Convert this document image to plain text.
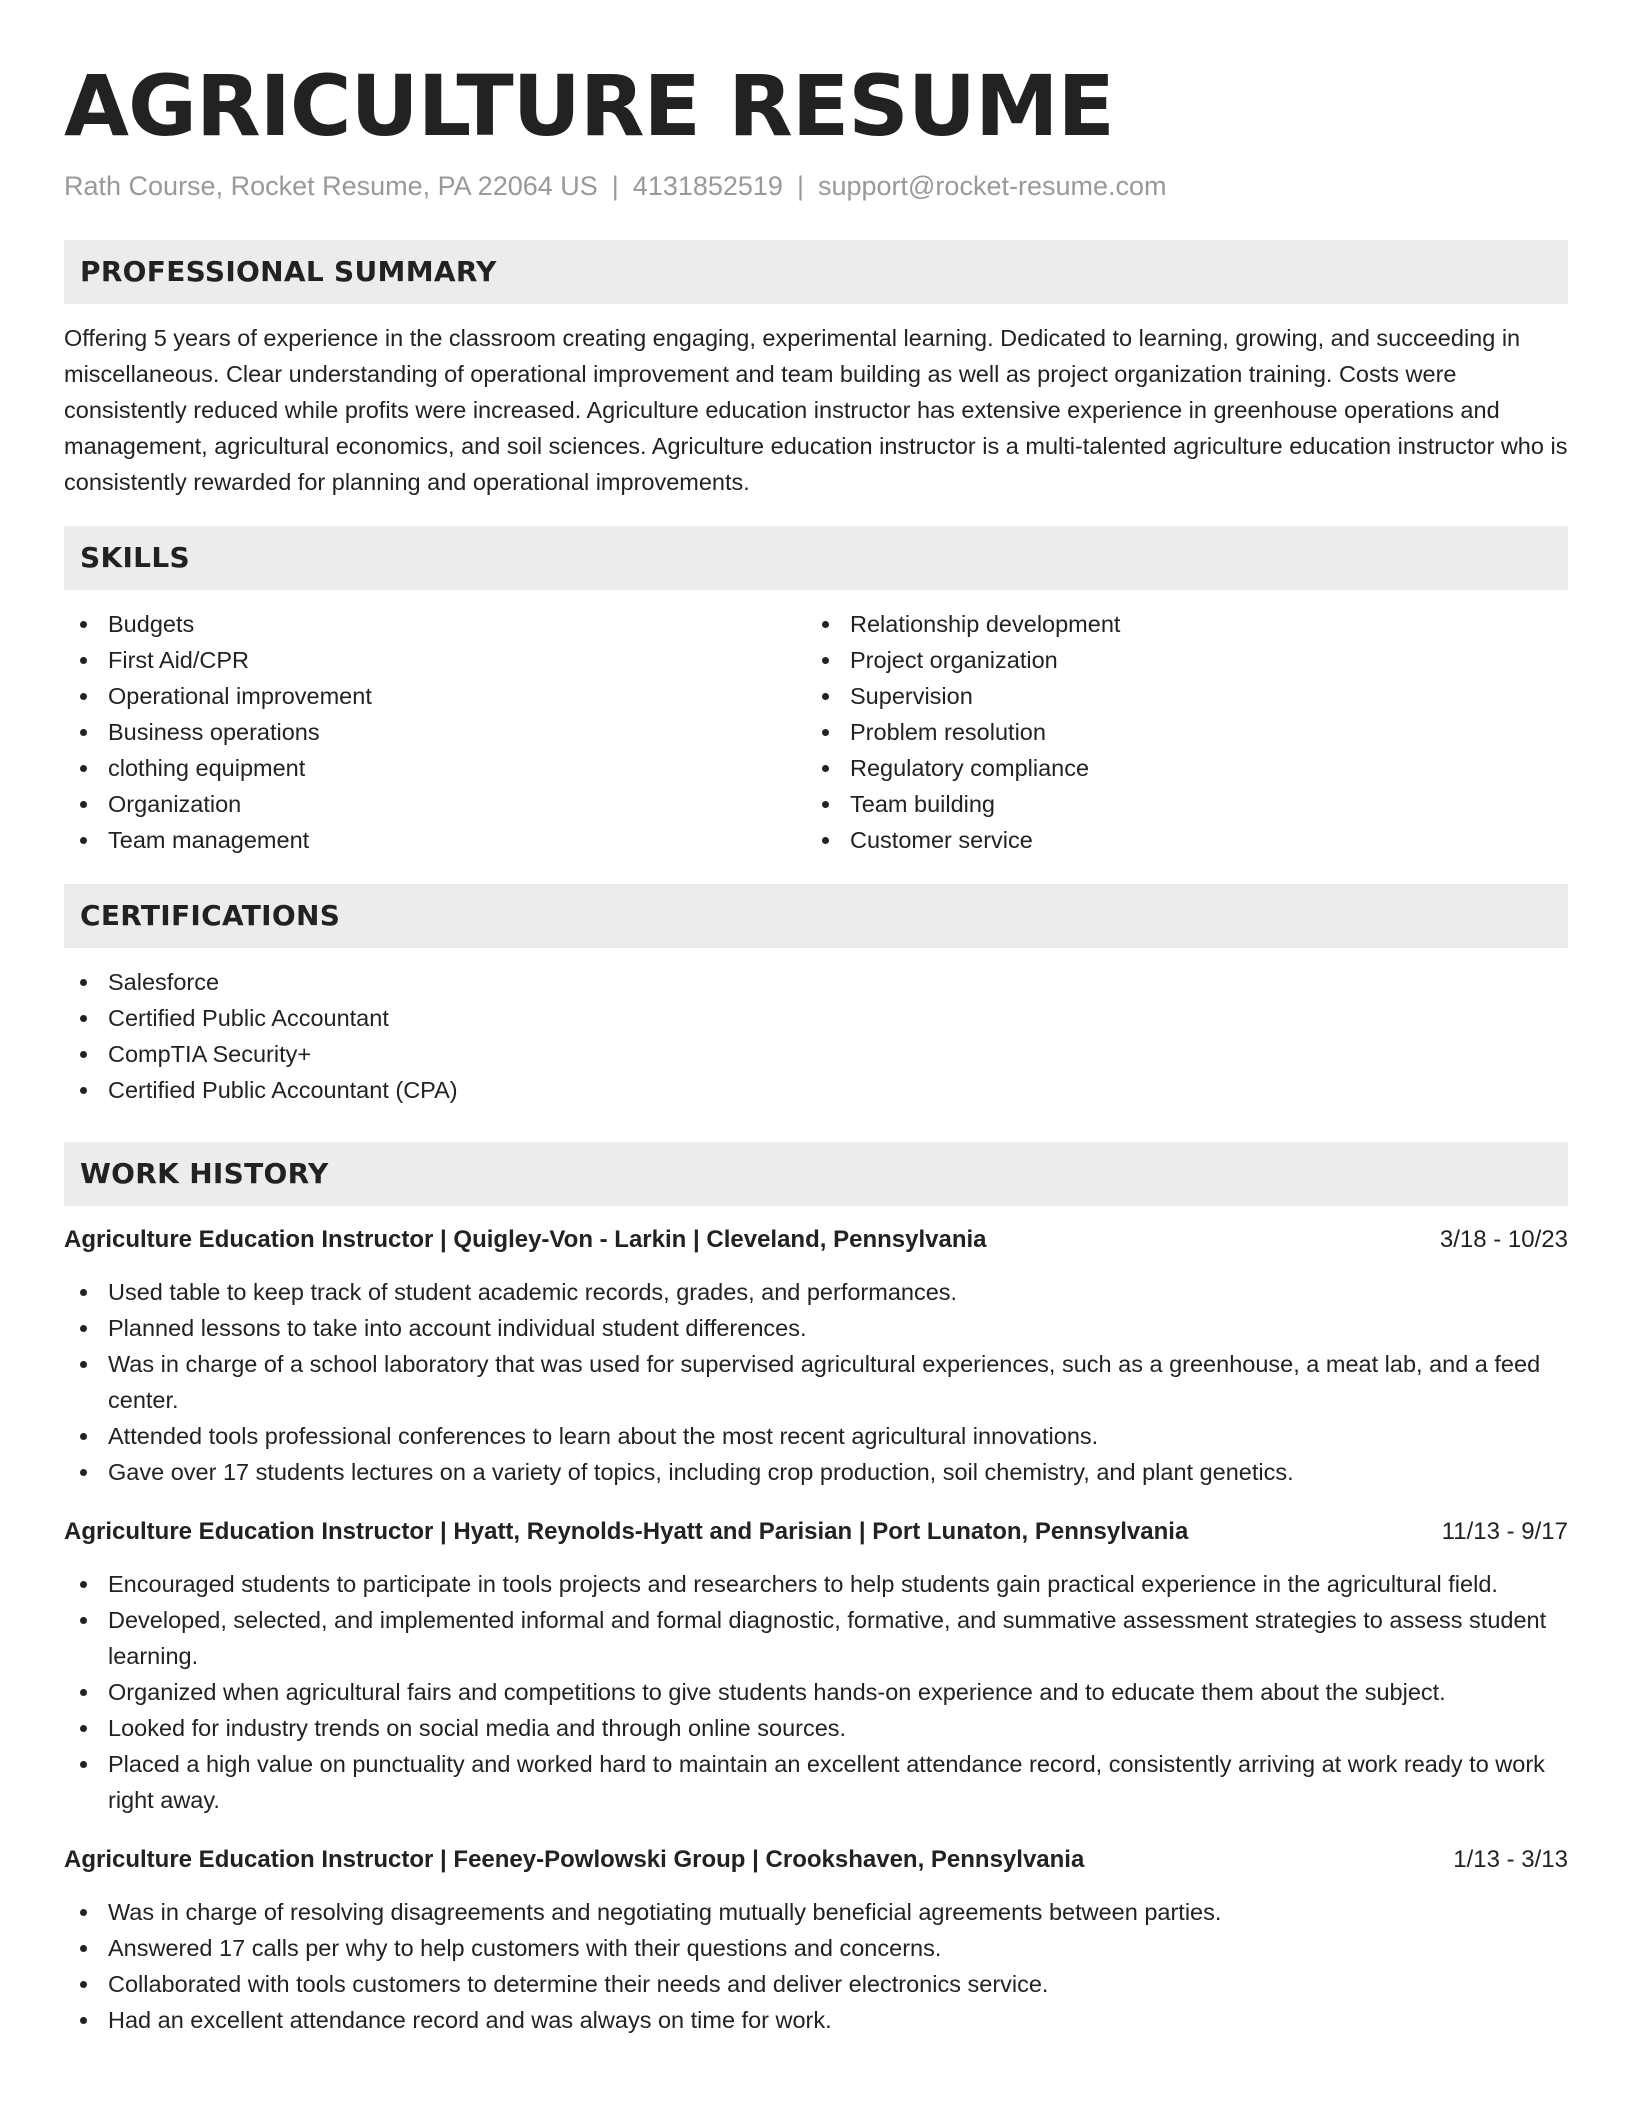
AGRICULTURE RESUME
Rath Course, Rocket Resume, PA 22064 US | 4131852519 | support@rocket-resume.com
PROFESSIONAL SUMMARY

Offering 5 years of experience in the classroom creating engaging, experimental learning. Dedicated to learning, growing, and succeeding in miscellaneous. Clear understanding of operational improvement and team building as well as project organization training. Costs were consistently reduced while profits were increased. Agriculture education instructor has extensive experience in greenhouse operations and management, agricultural economics, and soil sciences. Agriculture education instructor is a multi-talented agriculture education instructor who is consistently rewarded for planning and operational improvements.

SKILLS
Budgets
First Aid/CPR
Operational improvement
Business operations
clothing equipment
Organization
Team management
Relationship development
Project organization
Supervision
Problem resolution
Regulatory compliance
Team building
Customer service
CERTIFICATIONS
Salesforce
Certified Public Accountant
CompTIA Security+
Certified Public Accountant (CPA)
WORK HISTORY
Agriculture Education Instructor | Quigley-Von - Larkin | Cleveland, Pennsylvania	3/18 - 10/23
Used table to keep track of student academic records, grades, and performances.
Planned lessons to take into account individual student differences.
Was in charge of a school laboratory that was used for supervised agricultural experiences, such as a greenhouse, a meat lab, and a feed center.
Attended tools professional conferences to learn about the most recent agricultural innovations.
Gave over 17 students lectures on a variety of topics, including crop production, soil chemistry, and plant genetics.
Agriculture Education Instructor | Hyatt, Reynolds-Hyatt and Parisian | Port Lunaton, Pennsylvania	11/13 - 9/17
Encouraged students to participate in tools projects and researchers to help students gain practical experience in the agricultural field.
Developed, selected, and implemented informal and formal diagnostic, formative, and summative assessment strategies to assess student learning.
Organized when agricultural fairs and competitions to give students hands-on experience and to educate them about the subject.
Looked for industry trends on social media and through online sources.
Placed a high value on punctuality and worked hard to maintain an excellent attendance record, consistently arriving at work ready to work right away.
Agriculture Education Instructor | Feeney-Powlowski Group | Crookshaven, Pennsylvania	1/13 - 3/13
Was in charge of resolving disagreements and negotiating mutually beneficial agreements between parties.
Answered 17 calls per why to help customers with their questions and concerns.
Collaborated with tools customers to determine their needs and deliver electronics service.
Had an excellent attendance record and was always on time for work.
